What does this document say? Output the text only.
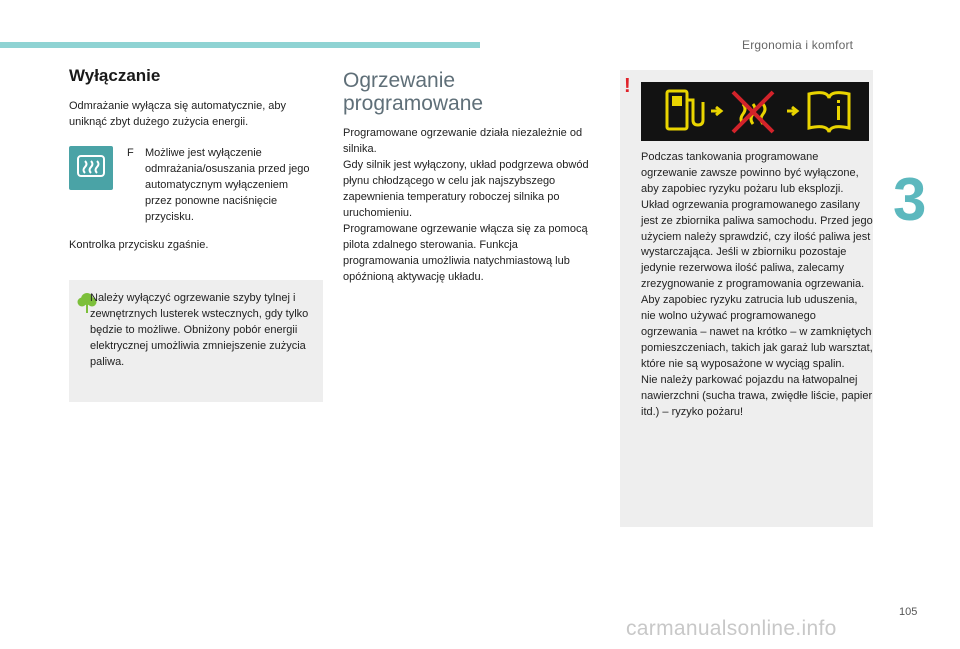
Ergonomia i komfort
3
Wyłączanie

Odmrażanie wyłącza się automatycznie, aby uniknąć zbyt dużego zużycia energii.

F Możliwe jest wyłączenie odmrażania/osuszania przed jego automatycznym wyłączeniem przez ponowne naciśnięcie przycisku.

Kontrolka przycisku zgaśnie.

Należy wyłączyć ogrzewanie szyby tylnej i zewnętrznych lusterek wstecznych, gdy tylko będzie to możliwe. Obniżony pobór energii elektrycznej umożliwia zmniejszenie zużycia paliwa.

Ogrzewanie programowane

Programowane ogrzewanie działa niezależnie od silnika.

Gdy silnik jest wyłączony, układ podgrzewa obwód płynu chłodzącego w celu jak najszybszego zapewnienia temperatury roboczej silnika po uruchomieniu.

Programowane ogrzewanie włącza się za pomocą pilota zdalnego sterowania. Funkcja programowania umożliwia natychmiastową lub opóźnioną aktywację układu.

!

Podczas tankowania programowane ogrzewanie zawsze powinno być wyłączone, aby zapobiec ryzyku pożaru lub eksplozji.

Układ ogrzewania programowanego zasilany jest ze zbiornika paliwa samochodu. Przed jego użyciem należy sprawdzić, czy ilość paliwa jest wystarczająca. Jeśli w zbiorniku pozostaje jedynie rezerwowa ilość paliwa, zalecamy zrezygnowanie z programowania ogrzewania.

Aby zapobiec ryzyku zatrucia lub uduszenia, nie wolno używać programowanego ogrzewania – nawet na krótko – w zamkniętych pomieszczeniach, takich jak garaż lub warsztat, które nie są wyposażone w wyciąg spalin.

Nie należy parkować pojazdu na łatwopalnej nawierzchni (sucha trawa, zwiędłe liście, papier itd.) – ryzyko pożaru!

105
carmanualsonline.info
